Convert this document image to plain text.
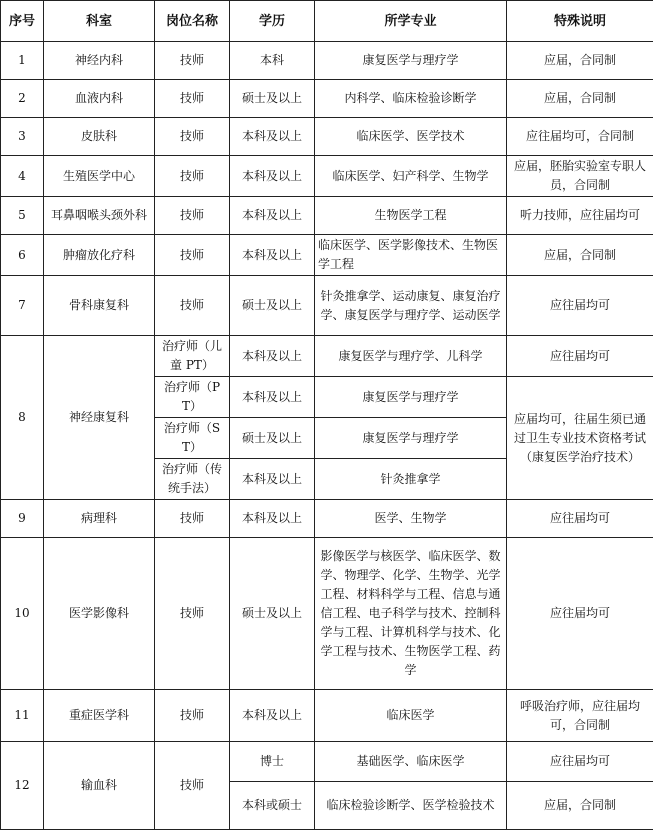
序号	科室	岗位名称	学历	所学专业	特殊说明
1	神经内科	技师	本科	康复医学与理疗学	应届，合同制
2	血液内科	技师	硕士及以上	内科学、临床检验诊断学	应届，合同制
3	皮肤科	技师	本科及以上	临床医学、医学技术	应往届均可，合同制
4	生殖医学中心	技师	本科及以上	临床医学、妇产科学、生物学	应届，胚胎实验室专职人员，合同制
5	耳鼻咽喉头颈外科	技师	本科及以上	生物医学工程	听力技师，应往届均可
6	肿瘤放化疗科	技师	本科及以上	临床医学、医学影像技术、生物医学工程	应届，合同制
7	骨科康复科	技师	硕士及以上	针灸推拿学、运动康复、康复治疗学、康复医学与理疗学、运动医学	应往届均可
8	神经康复科	治疗师（儿童 PT）	本科及以上	康复医学与理疗学、儿科学	应往届均可
		治疗师（PT）	本科及以上	康复医学与理疗学	应届均可，往届生须已通过卫生专业技术资格考试（康复医学治疗技术）
		治疗师（ST）	硕士及以上	康复医学与理疗学	
		治疗师（传统手法）	本科及以上	针灸推拿学	
9	病理科	技师	本科及以上	医学、生物学	应往届均可
10	医学影像科	技师	硕士及以上	影像医学与核医学、临床医学、数学、物理学、化学、生物学、光学工程、材料科学与工程、信息与通信工程、电子科学与技术、控制科学与工程、计算机科学与技术、化学工程与技术、生物医学工程、药学	应往届均可
11	重症医学科	技师	本科及以上	临床医学	呼吸治疗师，应往届均可，合同制
12	输血科	技师	博士	基础医学、临床医学	应往届均可
			本科或硕士	临床检验诊断学、医学检验技术	应届，合同制
